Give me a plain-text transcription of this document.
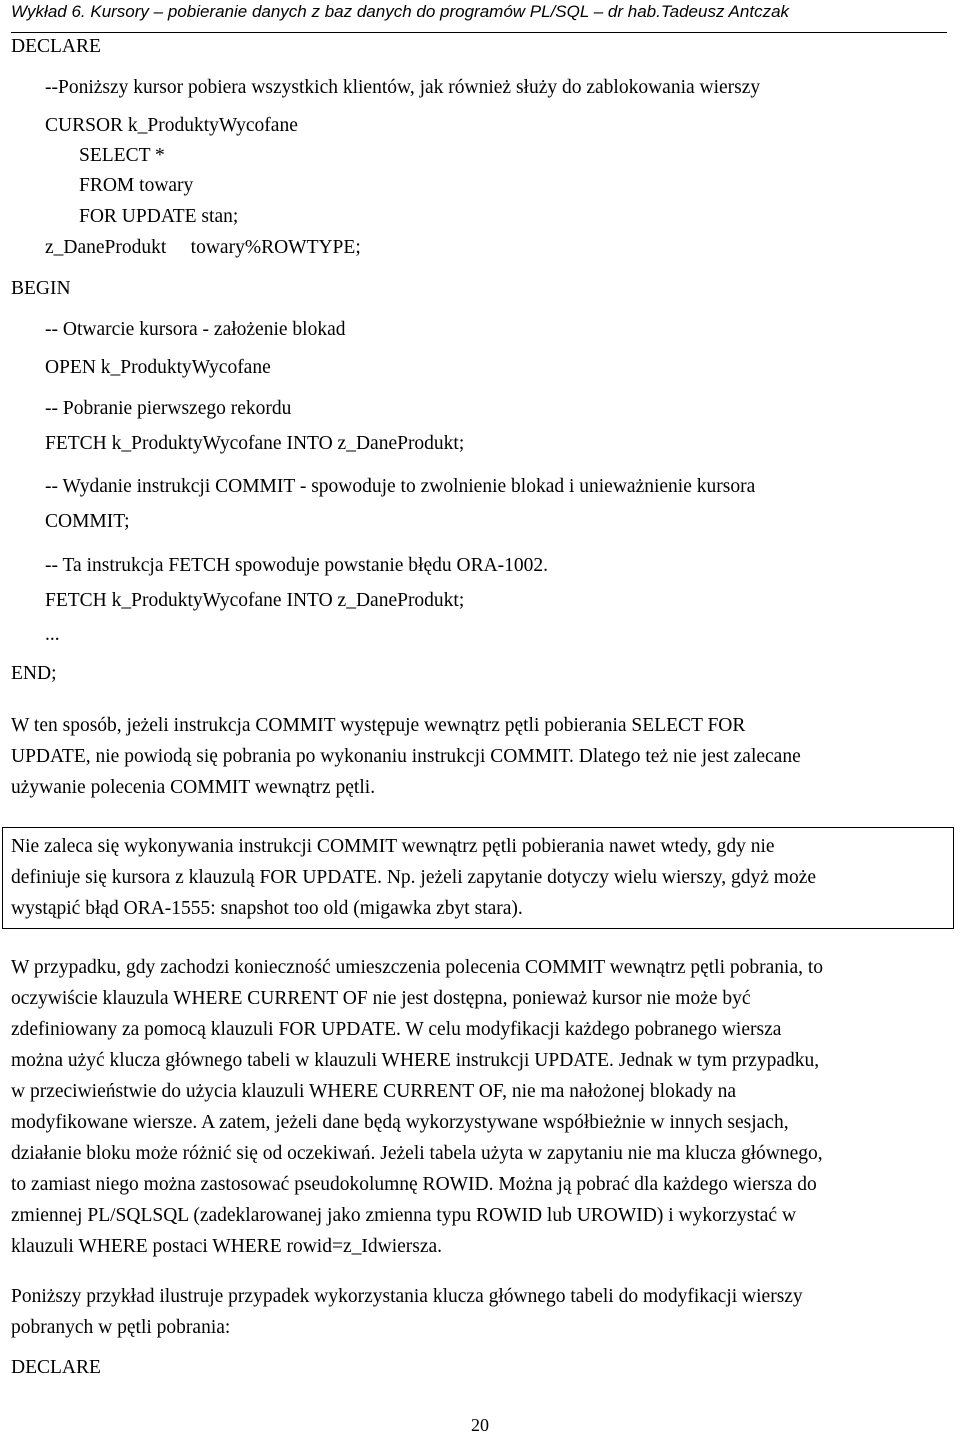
Wykład 6. Kursory – pobieranie danych z baz danych do programów PL/SQL – dr hab.Tadeusz Antczak
DECLARE
--Poniższy kursor pobiera wszystkich klientów, jak również służy do zablokowania wierszy
CURSOR k_ProduktyWycofane
SELECT *
FROM towary
FOR UPDATE stan;
z_DaneProdukt     towary%ROWTYPE;
BEGIN
-- Otwarcie kursora - założenie blokad
OPEN k_ProduktyWycofane
-- Pobranie pierwszego rekordu
FETCH k_ProduktyWycofane INTO z_DaneProdukt;
-- Wydanie instrukcji COMMIT - spowoduje to zwolnienie blokad i unieważnienie kursora
COMMIT;
-- Ta instrukcja FETCH spowoduje powstanie błędu ORA-1002.
FETCH k_ProduktyWycofane INTO z_DaneProdukt;
...
END;
W ten sposób, jeżeli instrukcja COMMIT występuje wewnątrz pętli pobierania SELECT FOR
UPDATE, nie powiodą się pobrania po wykonaniu instrukcji COMMIT. Dlatego też nie jest zalecane
używanie polecenia COMMIT wewnątrz pętli.
Nie zaleca się wykonywania instrukcji COMMIT wewnątrz pętli pobierania nawet wtedy, gdy nie
definiuje się kursora z klauzulą FOR UPDATE. Np. jeżeli zapytanie dotyczy wielu wierszy, gdyż może
wystąpić błąd ORA-1555: snapshot too old (migawka zbyt stara).
W przypadku, gdy zachodzi konieczność umieszczenia polecenia COMMIT wewnątrz pętli pobrania, to
oczywiście klauzula WHERE CURRENT OF nie jest dostępna, ponieważ kursor nie może być
zdefiniowany za pomocą klauzuli FOR UPDATE. W celu modyfikacji każdego pobranego wiersza
można użyć klucza głównego tabeli w klauzuli WHERE instrukcji UPDATE. Jednak w tym przypadku,
w przeciwieństwie do użycia klauzuli WHERE CURRENT OF, nie ma nałożonej blokady na
modyfikowane wiersze. A zatem, jeżeli dane będą wykorzystywane współbieżnie w innych sesjach,
działanie bloku może różnić się od oczekiwań. Jeżeli tabela użyta w zapytaniu nie ma klucza głównego,
to zamiast niego można zastosować pseudokolumnę ROWID. Można ją pobrać dla każdego wiersza do
zmiennej PL/SQLSQL (zadeklarowanej jako zmienna typu ROWID lub UROWID) i wykorzystać w
klauzuli WHERE postaci WHERE rowid=z_Idwiersza.
Poniższy przykład ilustruje przypadek wykorzystania klucza głównego tabeli do modyfikacji wierszy
pobranych w pętli pobrania:
DECLARE
20
